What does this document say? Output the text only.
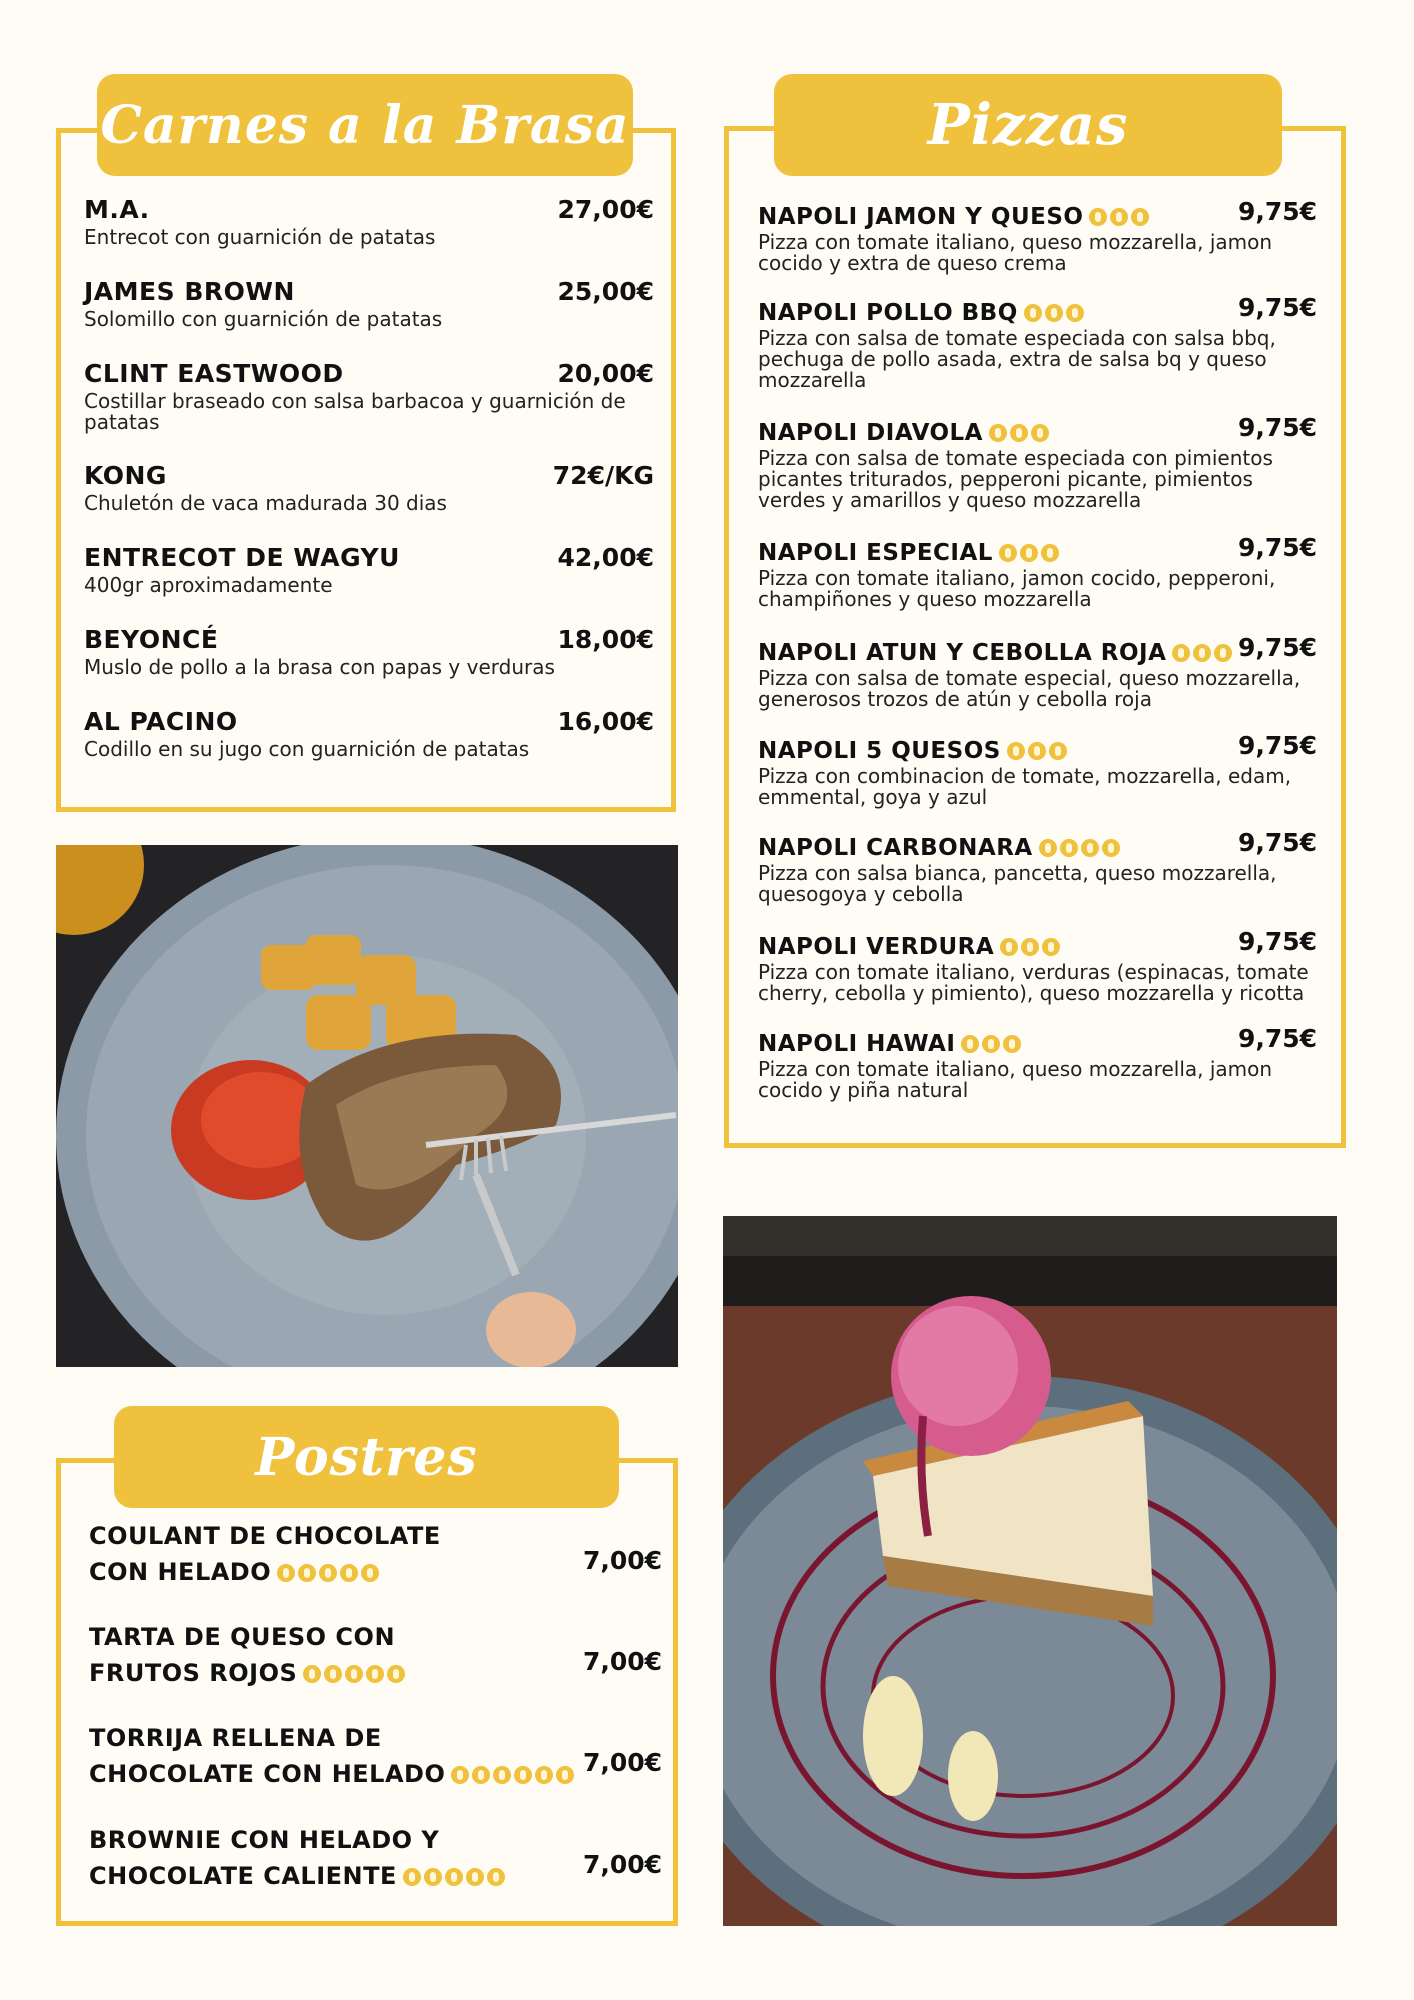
Carnes a la Brasa
M.A.
Entrecot con guarnición de patatas
27,00€
JAMES BROWN
Solomillo con guarnición de patatas
25,00€
CLINT EASTWOOD
Costillar braseado con salsa barbacoa y guarnición de patatas
20,00€
KONG
Chuletón de vaca madurada 30 dias
72€/KG
ENTRECOT DE WAGYU
400gr aproximadamente
42,00€
BEYONCÉ
Muslo de pollo a la brasa con papas y verduras
18,00€
AL PACINO
Codillo en su jugo con guarnición de patatas
16,00€
Pizzas
NAPOLI JAMON Y QUESO
Pizza con tomate italiano, queso mozzarella, jamon cocido y extra de queso crema
9,75€
NAPOLI POLLO BBQ
Pizza con salsa de tomate especiada con salsa bbq, pechuga de pollo asada, extra de salsa bq y queso mozzarella
9,75€
NAPOLI DIAVOLA
Pizza con salsa de tomate especiada con pimientos picantes triturados, pepperoni picante, pimientos verdes y amarillos y queso mozzarella
9,75€
NAPOLI ESPECIAL
Pizza con tomate italiano, jamon cocido, pepperoni, champiñones y queso mozzarella
9,75€
NAPOLI ATUN Y CEBOLLA ROJA
Pizza con salsa de tomate especial, queso mozzarella, generosos trozos de atún y cebolla roja
9,75€
NAPOLI 5 QUESOS
Pizza con combinacion de tomate, mozzarella, edam, emmental, goya y azul
9,75€
NAPOLI CARBONARA
Pizza con salsa bianca, pancetta, queso mozzarella, quesogoya y cebolla
9,75€
NAPOLI VERDURA
Pizza con tomate italiano, verduras (espinacas, tomate cherry, cebolla y pimiento), queso mozzarella y ricotta
9,75€
NAPOLI HAWAI
Pizza con tomate italiano, queso mozzarella, jamon cocido y piña natural
9,75€
Postres
COULANT DE CHOCOLATE
CON HELADO	7,00€
TARTA DE QUESO CON
FRUTOS ROJOS	7,00€
TORRIJA RELLENA DE
CHOCOLATE CON HELADO	7,00€
BROWNIE CON HELADO Y
CHOCOLATE CALIENTE	7,00€
